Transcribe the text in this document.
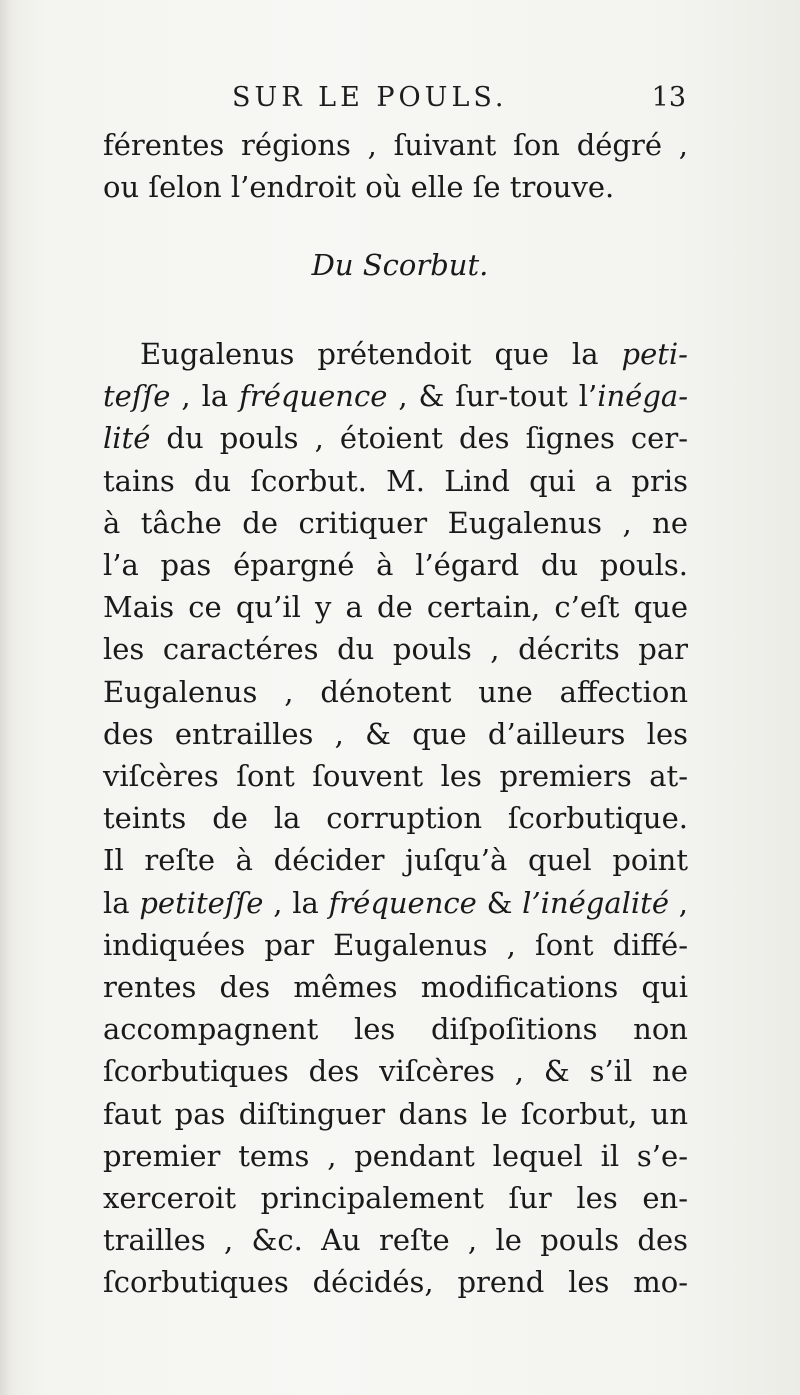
SUR LE POULS.	13
férentes régions , ſuivant ſon dégré ,
ou ſelon l’endroit où elle ſe trouve.
Du Scorbut.
Eugalenus prétendoit que la peti-
teſſe , la fréquence , & ſur-tout l’inéga-
lité du pouls , étoient des ſignes cer-
tains du ſcorbut. M. Lind qui a pris
à tâche de critiquer Eugalenus , ne
l’a pas épargné à l’égard du pouls.
Mais ce qu’il y a de certain, c’eſt que
les caractéres du pouls , décrits par
Eugalenus , dénotent une affection
des entrailles , & que d’ailleurs les
viſcères ſont ſouvent les premiers at-
teints de la corruption ſcorbutique.
Il reſte à décider juſqu’à quel point
la petiteſſe , la fréquence & l’inégalité ,
indiquées par Eugalenus , ſont diffé-
rentes des mêmes modifications qui
accompagnent les diſpoſitions non
ſcorbutiques des viſcères , & s’il ne
faut pas diſtinguer dans le ſcorbut, un
premier tems , pendant lequel il s’e-
xerceroit principalement ſur les en-
trailles , &c. Au reſte , le pouls des
ſcorbutiques décidés, prend les mo-
